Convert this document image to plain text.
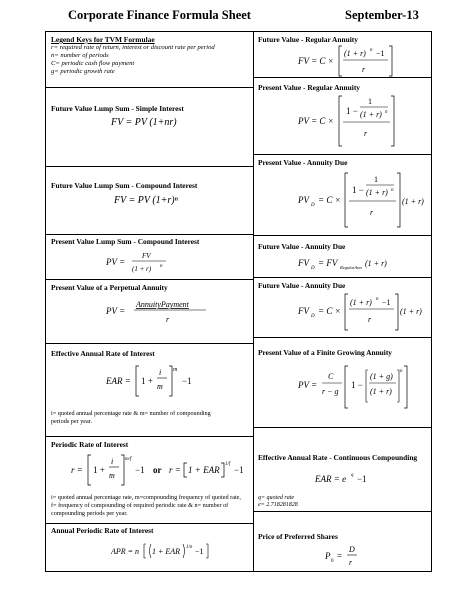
Corporate Finance Formula Sheet	September-13
Legend Keys for TVM Formulae
r= required rate of return, interest or discount rate per period
n= number of periods
C= periodic cash flow payment
g= periodic growth rate
Future Value Lump Sum - Simple Interest
FV = PV (1+nr)
Future Value Lump Sum - Compound Interest
FV = PV (1+r)ⁿ
Present Value Lump Sum - Compound Interest
PV =
FV
(1 + r) n
Present Value of a Perpetual Annuity
PV =
AnnuityPayment
r
Effective Annual Rate of Interest
EAR = 1 +
i
m
m
−1
i= quoted annual percentage rate & m= number of compounding
periods per year.
Periodic Rate of Interest
r = 1 +
i
m
m/f
−1 or r = 1 + EAR
1/f
−1
i= quoted annual percentage rate, m=compounding frequency of quoted rate,
f= frequency of compounding of required periodic rate & n= number of
compounding periods per year.
Annual Periodic Rate of Interest
APR = n 1 + EAR 1/n −1
Future Value - Regular Annuity
FV = C ×
(1 + r) n −1
r
Present Value - Regular Annuity
PV = C ×
1 −
1
(1 + r) n
r
Present Value - Annuity Due
PV
D
= C ×
1 −
1
(1 + r) n
r
(1 + r)
Future Value - Annuity Due
FV
D
= FV RegularAnn (1 + r)
Future Value - Annuity Due
FV
D
= C ×
(1 + r) n −1
r
(1 + r)
Present Value of a Finite Growing Annuity
PV =
C
r − g
1 −
(1 + g)
(1 + r)
n
Effective Annual Rate - Continuous Compounding
EAR = e q −1
q= quoted rate
e= 2.718281828
Price of Preferred Shares
P
0
=
D
r
